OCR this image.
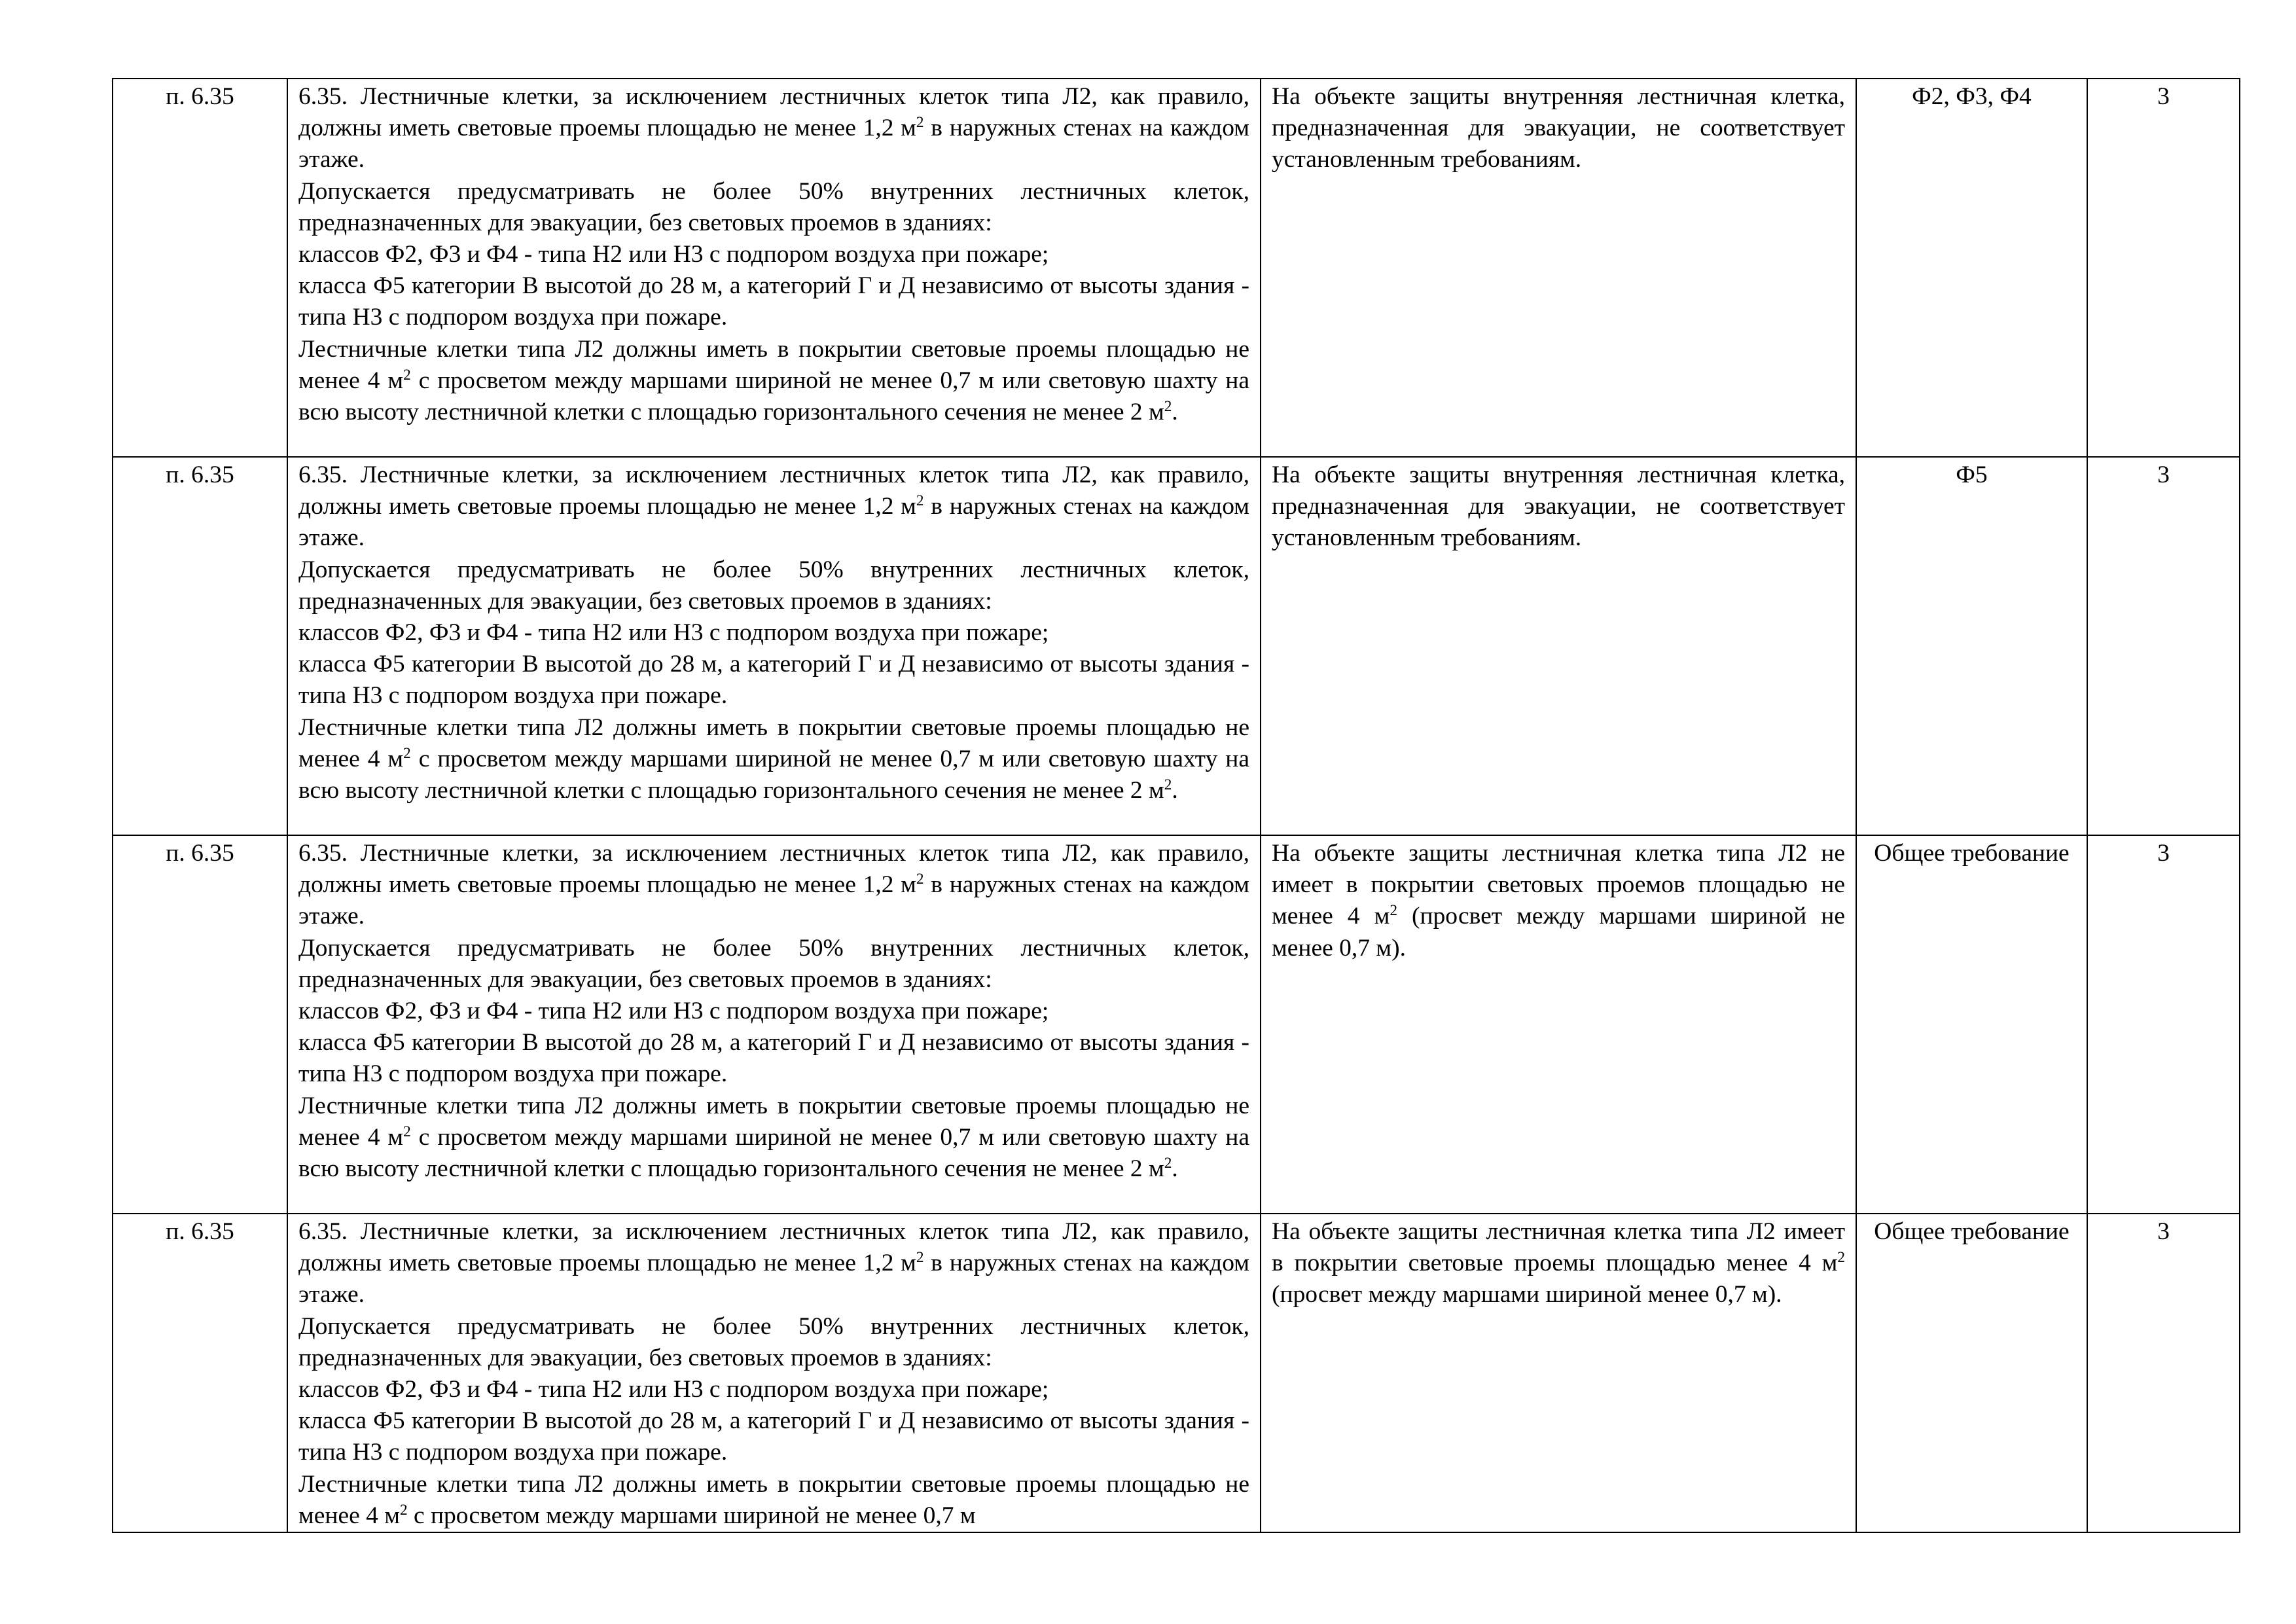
п. 6.35	6.35. Лестничные клетки, за исключением лестничных клеток типа Л2, как правило, должны иметь световые проемы площадью не менее 1,2 $м^2$ в наружных стенах на каждом этаже.
Допускается предусматривать не более 50% внутренних лестничных клеток, предназначенных для эвакуации, без световых проемов в зданиях:
классов Ф2, Ф3 и Ф4 - типа Н2 или Н3 с подпором воздуха при пожаре;
класса Ф5 категории В высотой до 28 м, а категорий Г и Д независимо от высоты здания - типа Н3 с подпором воздуха при пожаре.
Лестничные клетки типа Л2 должны иметь в покрытии световые проемы площадью не менее 4 $м^2$ с просветом между маршами шириной не менее 0,7 м или световую шахту на всю высоту лестничной клетки с площадью горизонтального сечения не менее 2 $м^2$.	На объекте защиты внутренняя лестничная клетка, предназначенная для эвакуации, не соответствует установленным требованиям.	Ф2, Ф3, Ф4	3
п. 6.35	6.35. Лестничные клетки, за исключением лестничных клеток типа Л2, как правило, должны иметь световые проемы площадью не менее 1,2 $м^2$ в наружных стенах на каждом этаже.
Допускается предусматривать не более 50% внутренних лестничных клеток, предназначенных для эвакуации, без световых проемов в зданиях:
классов Ф2, Ф3 и Ф4 - типа Н2 или Н3 с подпором воздуха при пожаре;
класса Ф5 категории В высотой до 28 м, а категорий Г и Д независимо от высоты здания - типа Н3 с подпором воздуха при пожаре.
Лестничные клетки типа Л2 должны иметь в покрытии световые проемы площадью не менее 4 $м^2$ с просветом между маршами шириной не менее 0,7 м или световую шахту на всю высоту лестничной клетки с площадью горизонтального сечения не менее 2 $м^2$.	На объекте защиты внутренняя лестничная клетка, предназначенная для эвакуации, не соответствует установленным требованиям.	Ф5	3
п. 6.35	6.35. Лестничные клетки, за исключением лестничных клеток типа Л2, как правило, должны иметь световые проемы площадью не менее 1,2 $м^2$ в наружных стенах на каждом этаже.
Допускается предусматривать не более 50% внутренних лестничных клеток, предназначенных для эвакуации, без световых проемов в зданиях:
классов Ф2, Ф3 и Ф4 - типа Н2 или Н3 с подпором воздуха при пожаре;
класса Ф5 категории В высотой до 28 м, а категорий Г и Д независимо от высоты здания - типа Н3 с подпором воздуха при пожаре.
Лестничные клетки типа Л2 должны иметь в покрытии световые проемы площадью не менее 4 $м^2$ с просветом между маршами шириной не менее 0,7 м или световую шахту на всю высоту лестничной клетки с площадью горизонтального сечения не менее 2 $м^2$.	На объекте защиты лестничная клетка типа Л2 не имеет в покрытии световых проемов площадью не менее 4 $м^2$ (просвет между маршами шириной не менее 0,7 м).	Общее требование	3
п. 6.35	6.35. Лестничные клетки, за исключением лестничных клеток типа Л2, как правило, должны иметь световые проемы площадью не менее 1,2 $м^2$ в наружных стенах на каждом этаже.
Допускается предусматривать не более 50% внутренних лестничных клеток, предназначенных для эвакуации, без световых проемов в зданиях:
классов Ф2, Ф3 и Ф4 - типа Н2 или Н3 с подпором воздуха при пожаре;
класса Ф5 категории В высотой до 28 м, а категорий Г и Д независимо от высоты здания - типа Н3 с подпором воздуха при пожаре.
Лестничные клетки типа Л2 должны иметь в покрытии световые проемы площадью не менее 4 $м^2$ с просветом между маршами шириной не менее 0,7 м	На объекте защиты лестничная клетка типа Л2 имеет в покрытии световые проемы площадью менее 4 $м^2$ (просвет между маршами шириной менее 0,7 м).	Общее требование	3
